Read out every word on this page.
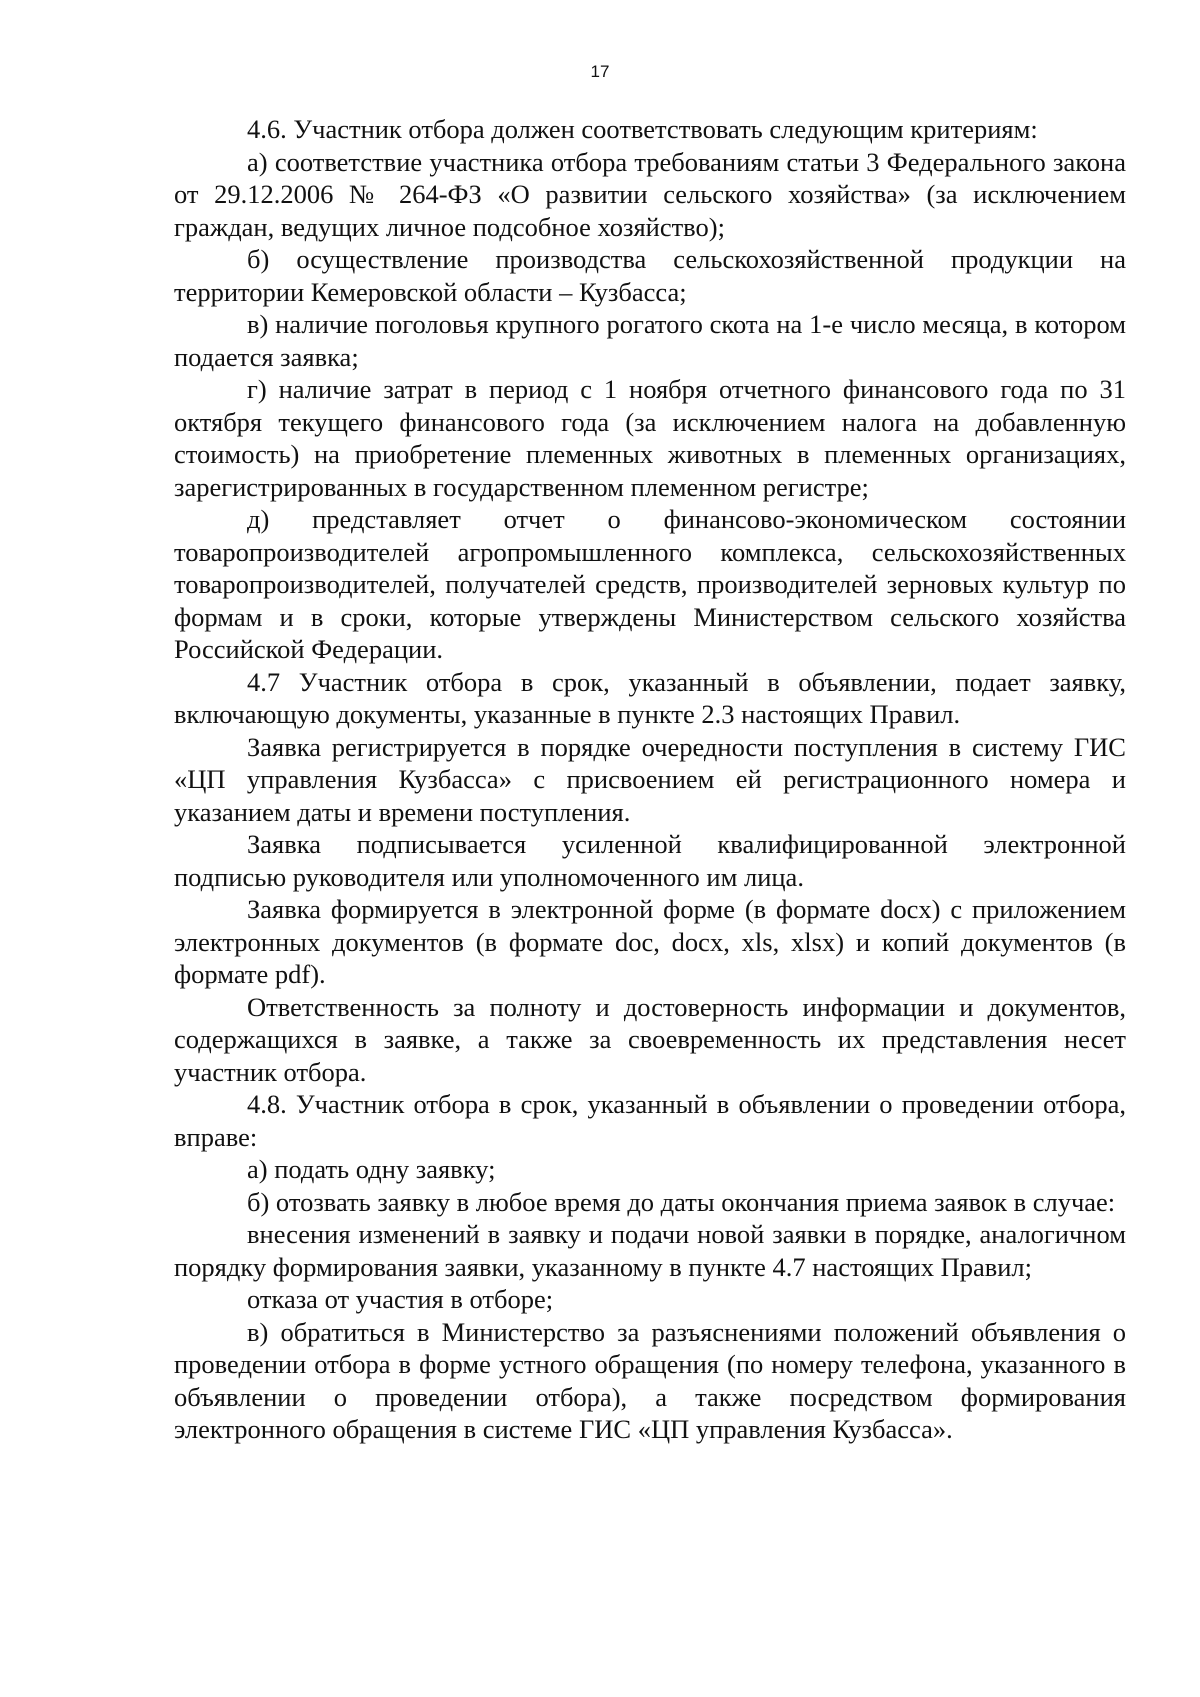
17

4.6. Участник отбора должен соответствовать следующим критериям:

а) соответствие участника отбора требованиям статьи 3 Федерального закона от 29.12.2006 № 264-ФЗ «О развитии сельского хозяйства» (за исключением граждан, ведущих личное подсобное хозяйство);

б) осуществление производства сельскохозяйственной продукции на территории Кемеровской области – Кузбасса;

в) наличие поголовья крупного рогатого скота на 1-е число месяца, в котором подается заявка;

г) наличие затрат в период с 1 ноября отчетного финансового года по 31 октября текущего финансового года (за исключением налога на добавленную стоимость) на приобретение племенных животных в племенных организациях, зарегистрированных в государственном племенном регистре;

д) представляет отчет о финансово-экономическом состоянии товаропроизводителей агропромышленного комплекса, сельскохозяйственных товаропроизводителей, получателей средств, производителей зерновых культур по формам и в сроки, которые утверждены Министерством сельского хозяйства Российской Федерации.

4.7 Участник отбора в срок, указанный в объявлении, подает заявку, включающую документы, указанные в пункте 2.3 настоящих Правил.

Заявка регистрируется в порядке очередности поступления в систему ГИС «ЦП управления Кузбасса» с присвоением ей регистрационного номера и указанием даты и времени поступления.

Заявка подписывается усиленной квалифицированной электронной подписью руководителя или уполномоченного им лица.

Заявка формируется в электронной форме (в формате docx) с приложением электронных документов (в формате doc, docx, xls, xlsx) и копий документов (в формате pdf).

Ответственность за полноту и достоверность информации и документов, содержащихся в заявке, а также за своевременность их представления несет участник отбора.

4.8. Участник отбора в срок, указанный в объявлении о проведении отбора, вправе:

а) подать одну заявку;

б) отозвать заявку в любое время до даты окончания приема заявок в случае:

внесения изменений в заявку и подачи новой заявки в порядке, аналогичном порядку формирования заявки, указанному в пункте 4.7 настоящих Правил;

отказа от участия в отборе;

в) обратиться в Министерство за разъяснениями положений объявления о проведении отбора в форме устного обращения (по номеру телефона, указанного в объявлении о проведении отбора), а также посредством формирования электронного обращения в системе ГИС «ЦП управления Кузбасса».
